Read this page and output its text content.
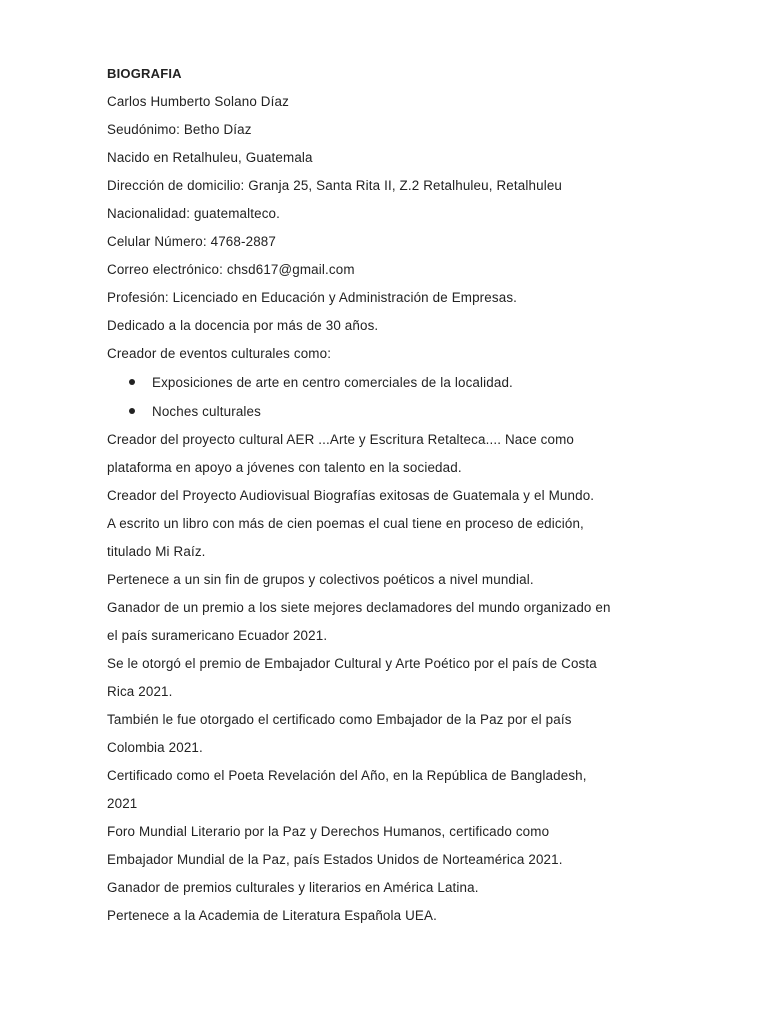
BIOGRAFIA

Carlos Humberto Solano Díaz

Seudónimo: Betho Díaz

Nacido en Retalhuleu, Guatemala

Dirección de domicilio: Granja 25, Santa Rita II, Z.2 Retalhuleu, Retalhuleu

Nacionalidad: guatemalteco.

Celular Número: 4768-2887

Correo electrónico: chsd617@gmail.com

Profesión: Licenciado en Educación y Administración de Empresas.

Dedicado a la docencia por más de 30 años.

Creador de eventos culturales como:

Exposiciones de arte en centro comerciales de la localidad.
Noches culturales

Creador del proyecto cultural AER ...Arte y Escritura Retalteca.... Nace como

plataforma en apoyo a jóvenes con talento en la sociedad.

Creador del Proyecto Audiovisual Biografías exitosas de Guatemala y el Mundo.

A escrito un libro con más de cien poemas el cual tiene en proceso de edición,

titulado Mi Raíz.

Pertenece a un sin fin de grupos y colectivos poéticos a nivel mundial.

Ganador de un premio a los siete mejores declamadores del mundo organizado en

el país suramericano Ecuador 2021.

Se le otorgó el premio de Embajador Cultural y Arte Poético por el país de Costa

Rica 2021.

También le fue otorgado el certificado como Embajador de la Paz por el país

Colombia 2021.

Certificado como el Poeta Revelación del Año, en la República de Bangladesh,

2021

Foro Mundial Literario por la Paz y Derechos Humanos, certificado como

Embajador Mundial de la Paz, país Estados Unidos de Norteamérica 2021.

Ganador de premios culturales y literarios en América Latina.

Pertenece a la Academia de Literatura Española UEA.
